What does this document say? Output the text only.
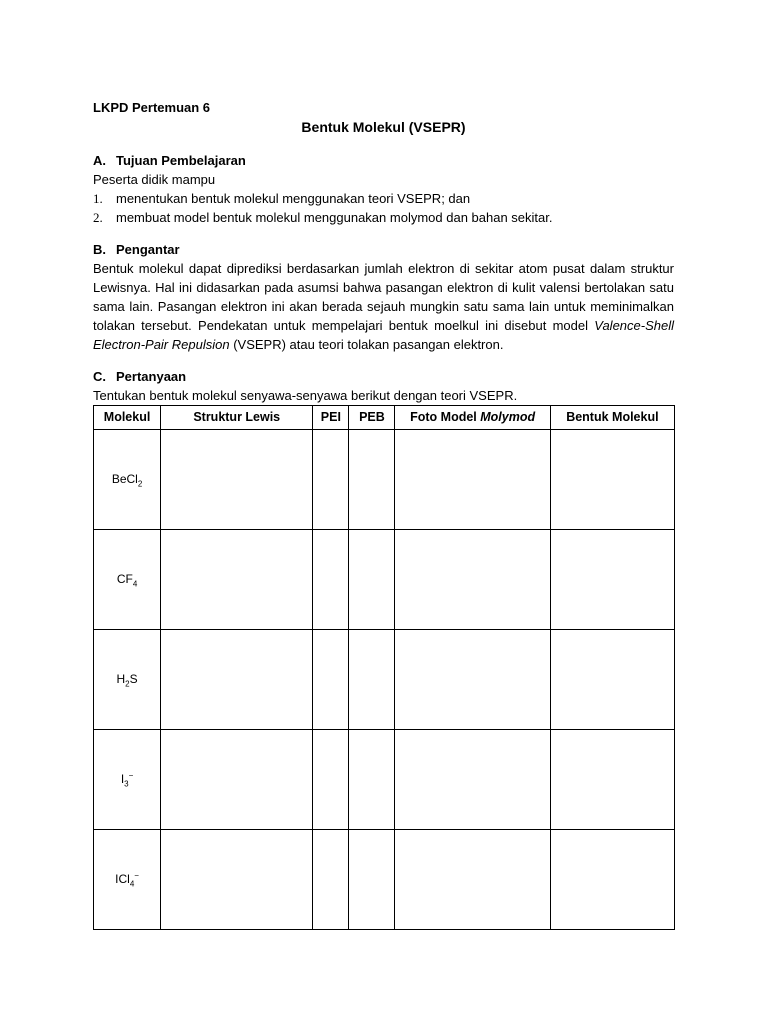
LKPD Pertemuan 6
Bentuk Molekul (VSEPR)
A. Tujuan Pembelajaran
Peserta didik mampu
1.	menentukan bentuk molekul menggunakan teori VSEPR; dan
2.	membuat model bentuk molekul menggunakan molymod dan bahan sekitar.
B. Pengantar
Bentuk molekul dapat diprediksi berdasarkan jumlah elektron di sekitar atom pusat dalam struktur
Lewisnya. Hal ini didasarkan pada asumsi bahwa pasangan elektron di kulit valensi bertolakan satu
sama lain. Pasangan elektron ini akan berada sejauh mungkin satu sama lain untuk meminimalkan
tolakan tersebut. Pendekatan untuk mempelajari bentuk moelkul ini disebut model Valence-Shell
Electron-Pair Repulsion (VSEPR) atau teori tolakan pasangan elektron.
C. Pertanyaan
Tentukan bentuk molekul senyawa-senyawa berikut dengan teori VSEPR.
Molekul	Struktur Lewis	PEI	PEB	Foto Model Molymod	Bentuk Molekul
BeCl$_2$					
$CF_4$					
$H_2S$					
$I_3^-$					
ICl$_4$−					
